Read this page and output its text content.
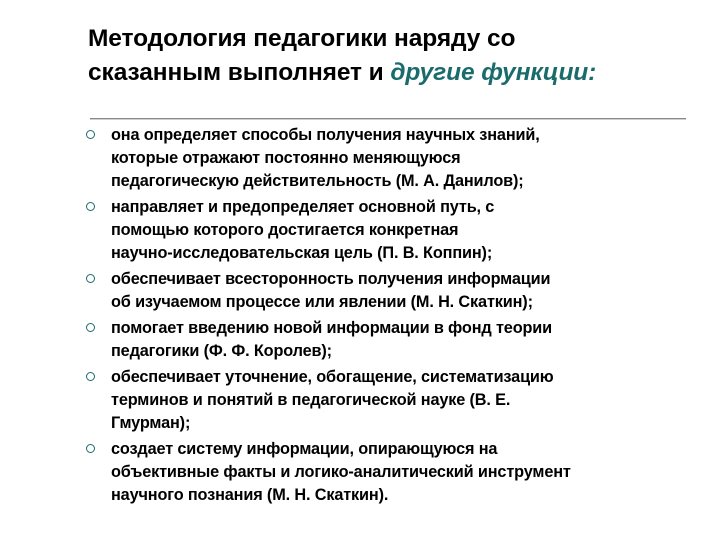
Методология педагогики наряду со
сказанным выполняет и другие функции:
она определяет способы получения научных знаний,
которые отражают постоянно меняющуюся
педагогическую действительность (М. А. Данилов);
направляет и предопределяет основной путь, с
помощью которого достигается конкретная
научно-исследовательская цель (П. В. Коппин);
обеспечивает всесторонность получения информации
об изучаемом процессе или явлении (М. Н. Скаткин);
помогает введению новой информации в фонд теории
педагогики (Ф. Ф. Королев);
обеспечивает уточнение, обогащение, систематизацию
терминов и понятий в педагогической науке (В. Е.
Гмурман);
создает систему информации, опирающуюся на
объективные факты и логико-аналитический инструмент
научного познания (М. Н. Скаткин).
